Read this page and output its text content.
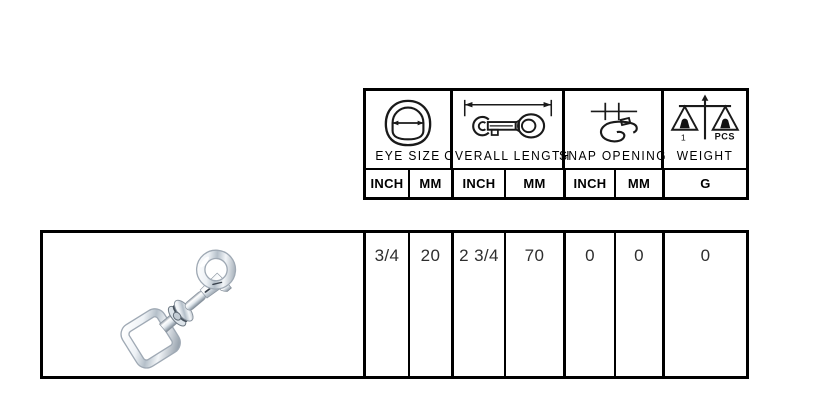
EYE SIZE OVERALL LENGTH
SNAP OPENING
1	PCS
WEIGHT
INCH	MM	INCH	MM	INCH	MM	G
3/4	20	2 3/4	70	0	0	0
